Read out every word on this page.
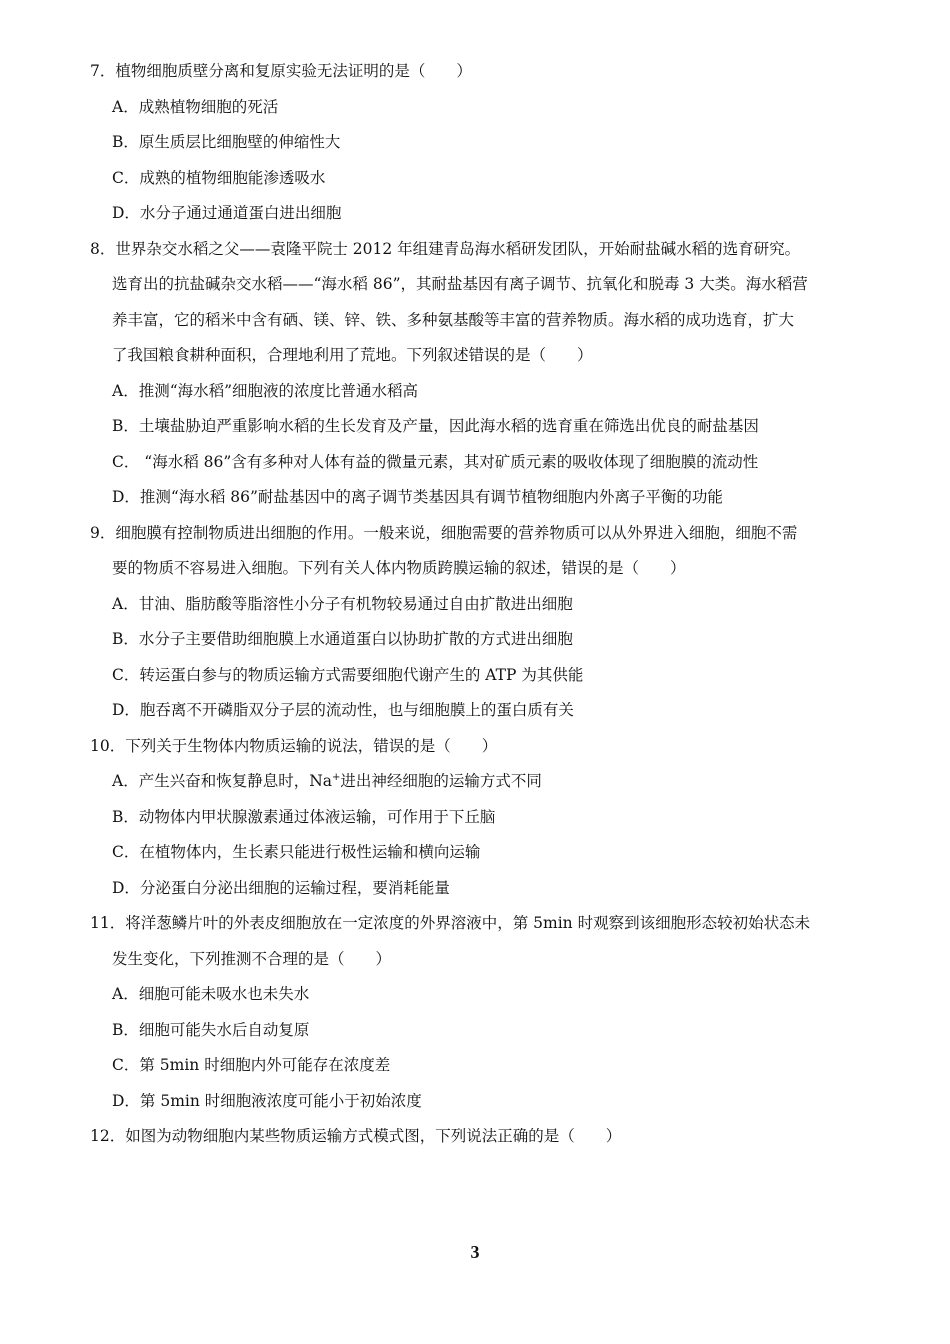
7．植物细胞质壁分离和复原实验无法证明的是（　　）
A．成熟植物细胞的死活
B．原生质层比细胞壁的伸缩性大
C．成熟的植物细胞能渗透吸水
D．水分子通过通道蛋白进出细胞
8．世界杂交水稻之父——袁隆平院士 2012 年组建青岛海水稻研发团队，开始耐盐碱水稻的选育研究。
选育出的抗盐碱杂交水稻——“海水稻 86”，其耐盐基因有离子调节、抗氧化和脱毒 3 大类。海水稻营
养丰富，它的稻米中含有硒、镁、锌、铁、多种氨基酸等丰富的营养物质。海水稻的成功选育，扩大
了我国粮食耕种面积，合理地利用了荒地。下列叙述错误的是（　　）
A．推测“海水稻”细胞液的浓度比普通水稻高
B．土壤盐胁迫严重影响水稻的生长发育及产量，因此海水稻的选育重在筛选出优良的耐盐基因
C． “海水稻 86”含有多种对人体有益的微量元素，其对矿质元素的吸收体现了细胞膜的流动性
D．推测“海水稻 86”耐盐基因中的离子调节类基因具有调节植物细胞内外离子平衡的功能
9．细胞膜有控制物质进出细胞的作用。一般来说，细胞需要的营养物质可以从外界进入细胞，细胞不需
要的物质不容易进入细胞。下列有关人体内物质跨膜运输的叙述，错误的是（　　）
A．甘油、脂肪酸等脂溶性小分子有机物较易通过自由扩散进出细胞
B．水分子主要借助细胞膜上水通道蛋白以协助扩散的方式进出细胞
C．转运蛋白参与的物质运输方式需要细胞代谢产生的 ATP 为其供能
D．胞吞离不开磷脂双分子层的流动性，也与细胞膜上的蛋白质有关
10．下列关于生物体内物质运输的说法，错误的是（　　）
A．产生兴奋和恢复静息时，Na+进出神经细胞的运输方式不同
B．动物体内甲状腺激素通过体液运输，可作用于下丘脑
C．在植物体内，生长素只能进行极性运输和横向运输
D．分泌蛋白分泌出细胞的运输过程，要消耗能量
11．将洋葱鳞片叶的外表皮细胞放在一定浓度的外界溶液中，第 5min 时观察到该细胞形态较初始状态未
发生变化，下列推测不合理的是（　　）
A．细胞可能未吸水也未失水
B．细胞可能失水后自动复原
C．第 5min 时细胞内外可能存在浓度差
D．第 5min 时细胞液浓度可能小于初始浓度
12．如图为动物细胞内某些物质运输方式模式图，下列说法正确的是（　　）
3
